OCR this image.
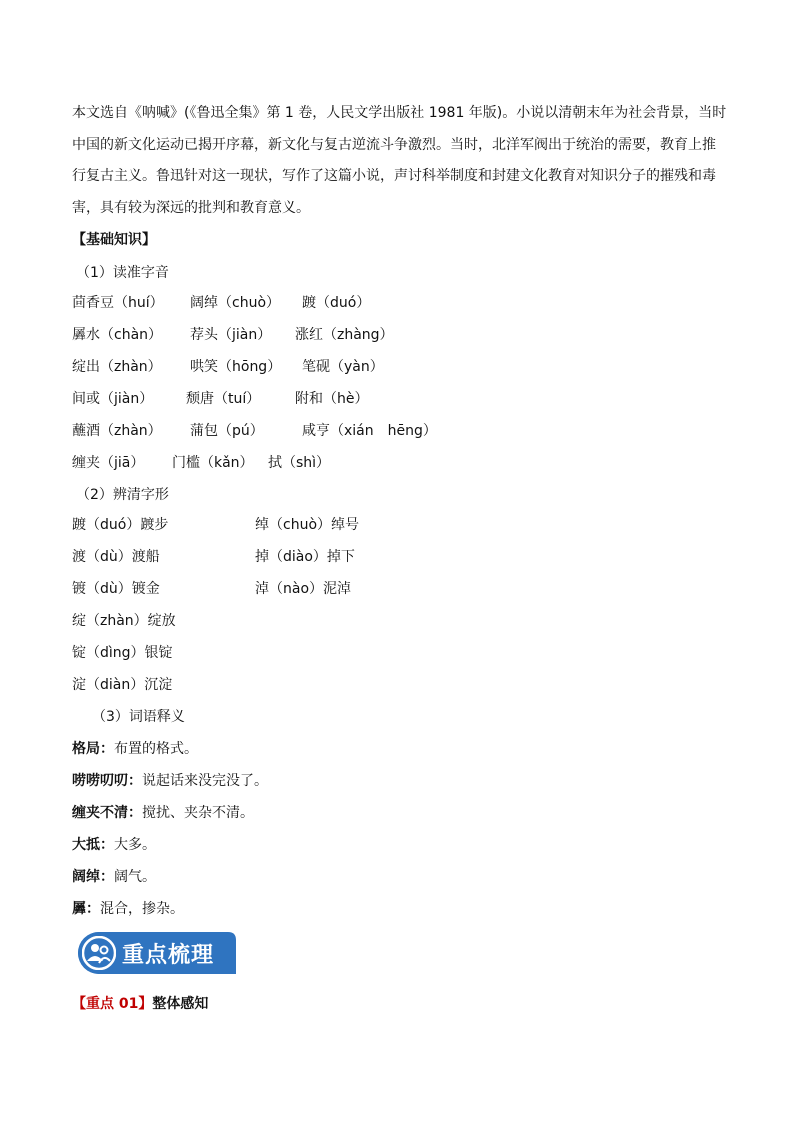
本文选自《呐喊》(《鲁迅全集》第 1 卷，人民文学出版社 1981 年版)。小说以清朝末年为社会背景，当时
中国的新文化运动已揭开序幕，新文化与复古逆流斗争激烈。当时，北洋军阀出于统治的需要，教育上推
行复古主义。鲁迅针对这一现状，写作了这篇小说，声讨科举制度和封建文化教育对知识分子的摧残和毒
害，具有较为深远的批判和教育意义。
【基础知识】
（1）读准字音
茴香豆（huí） 阔绰（chuò） 踱（duó）
羼水（chàn） 荐头（jiàn） 涨红（zhàng）
绽出（zhàn） 哄笑（hōng） 笔砚（yàn）
间或（jiàn） 颓唐（tuí） 附和（hè）
蘸酒（zhàn） 蒲包（pú）	咸亨（xián　hēng）
缠夹（jiā） 门槛（kǎn） 拭（shì）
（2）辨清字形
踱（duó）踱步	绰（chuò）绰号
渡（dù）渡船	掉（diào）掉下
镀（dù）镀金	淖（nào）泥淖
绽（zhàn）绽放
锭（dìng）银锭
淀（diàn）沉淀
（3）词语释义
格局：布置的格式。
唠唠叨叨：说起话来没完没了。
缠夹不清：搅扰、夹杂不清。
大抵：大多。
阔绰：阔气。
羼：混合，掺杂。
重点梳理
【重点 01】整体感知
